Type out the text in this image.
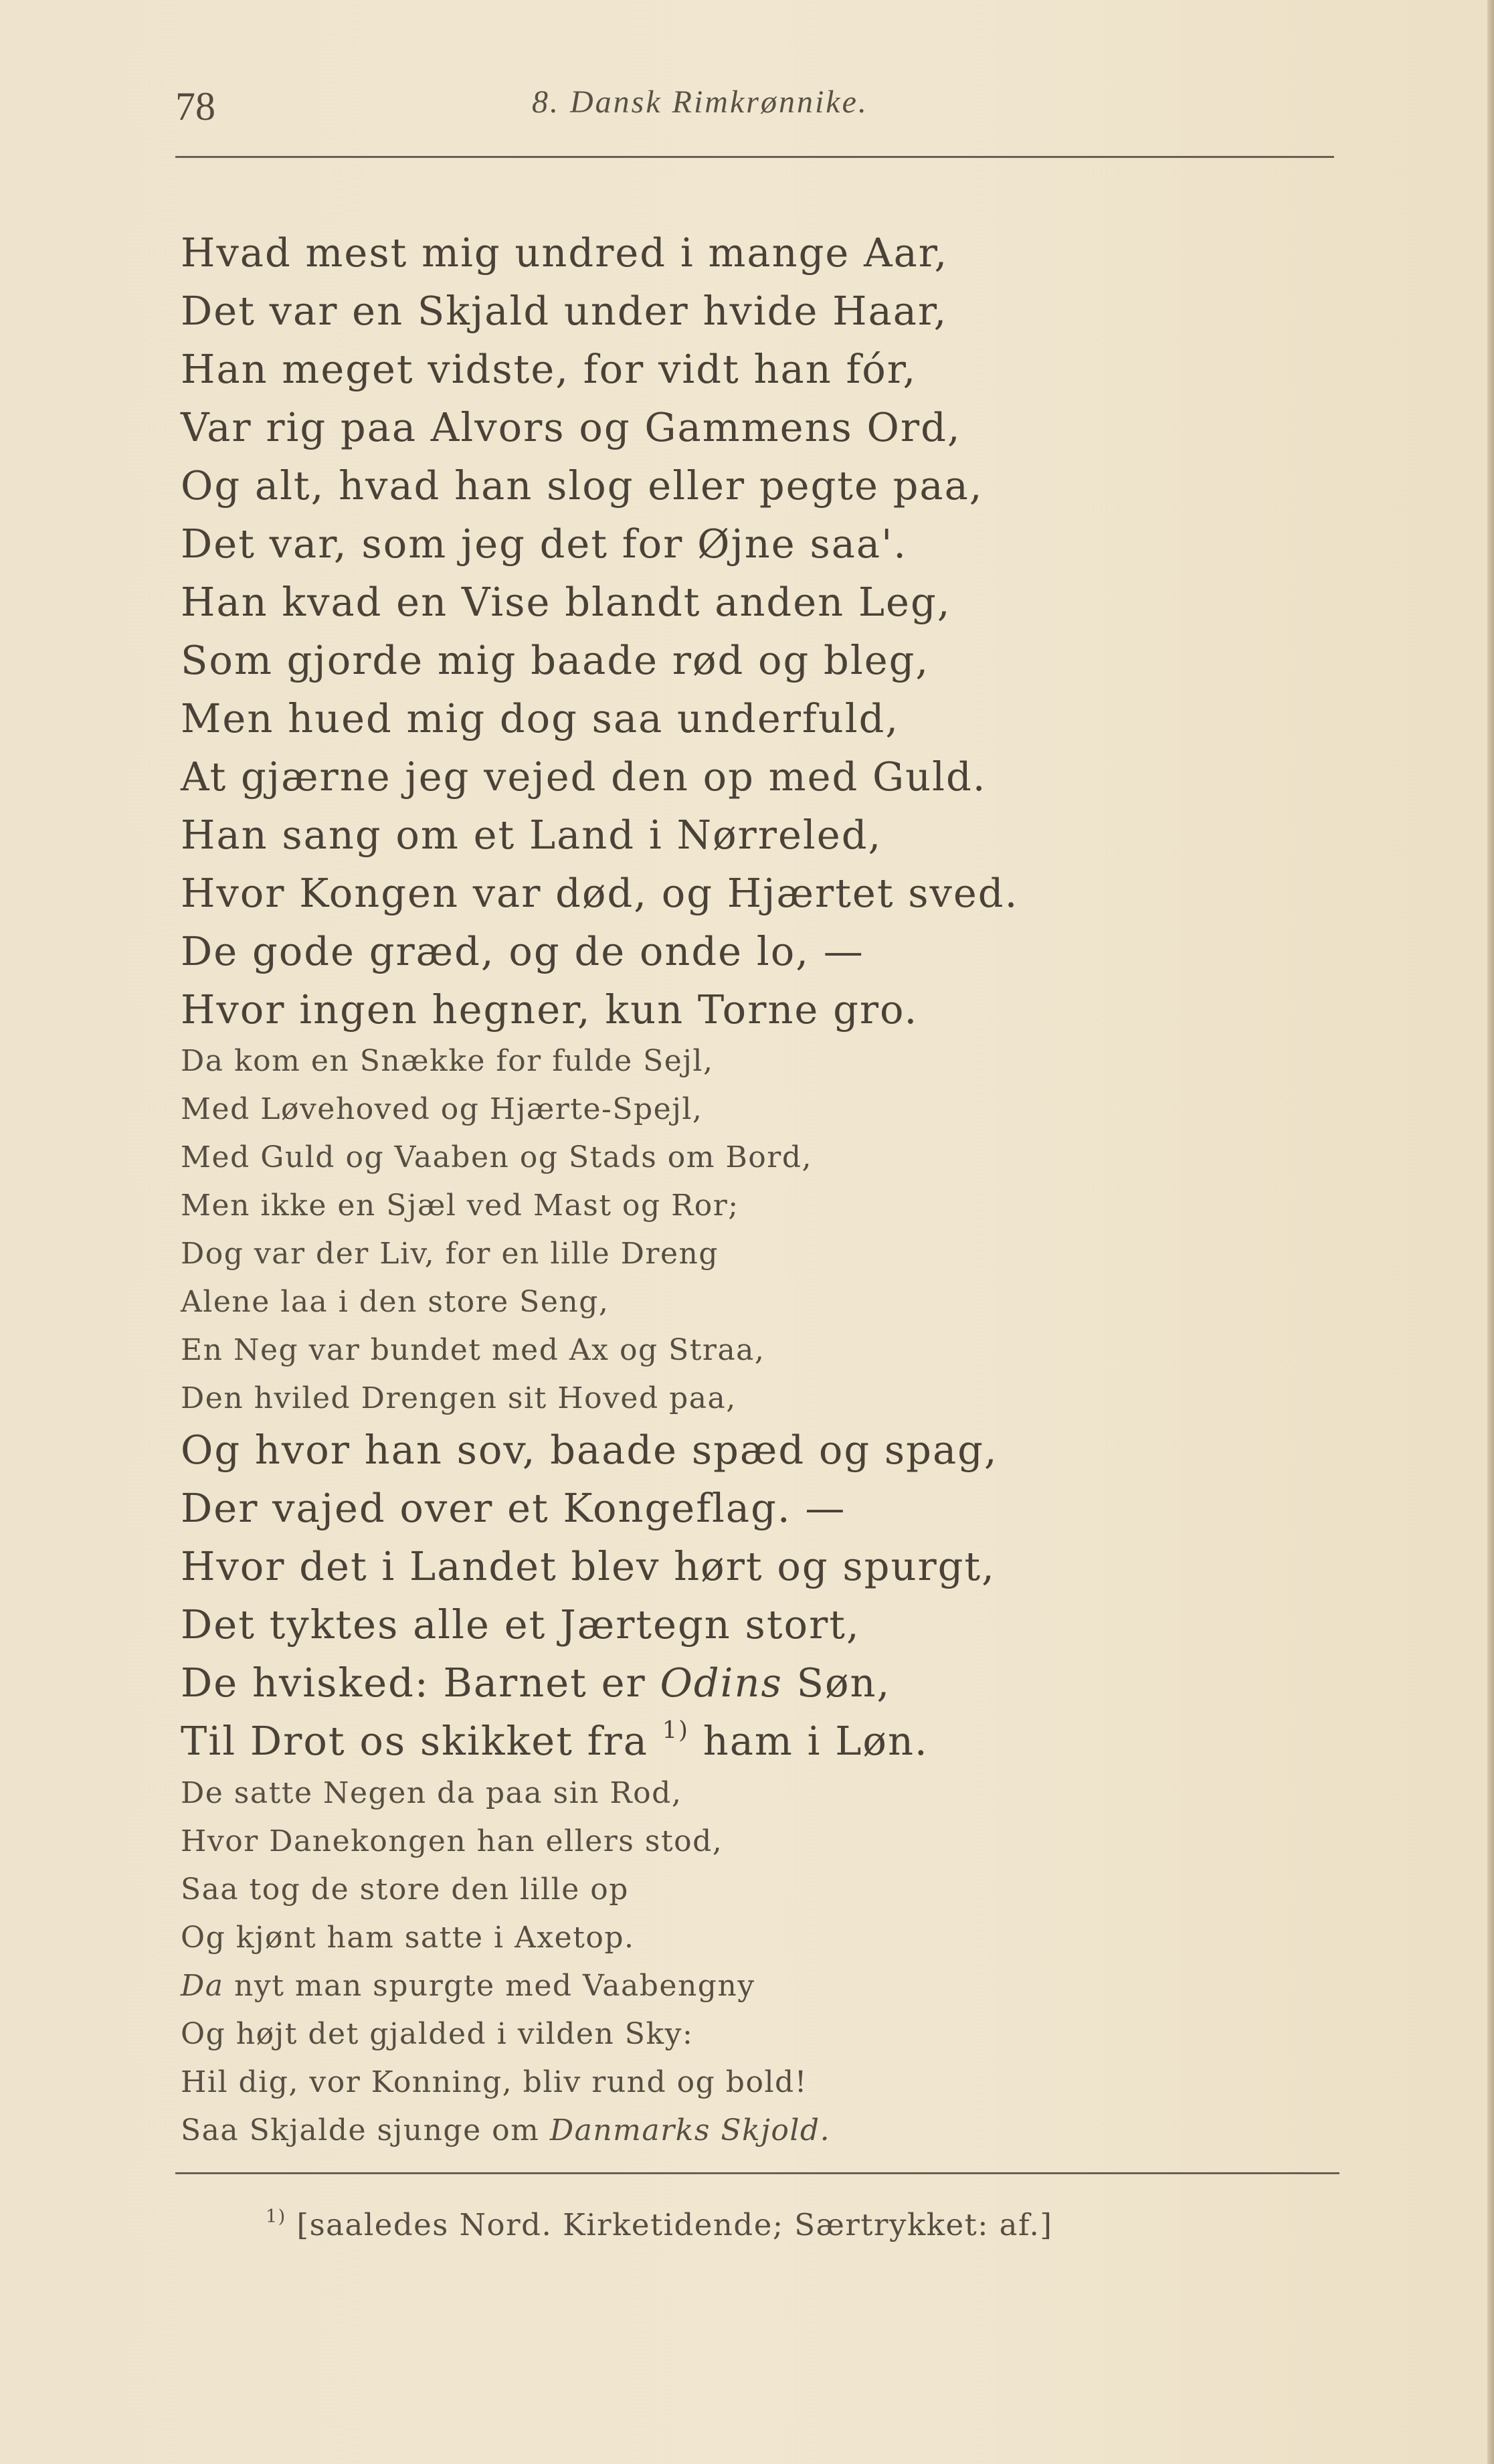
78	8. Dansk Rimkrønnike.
Hvad mest mig undred i mange Aar,
Det var en Skjald under hvide Haar,
Han meget vidste, for vidt han fór,
Var rig paa Alvors og Gammens Ord,
Og alt, hvad han slog eller pegte paa,
Det var, som jeg det for Øjne saa'.
Han kvad en Vise blandt anden Leg,
Som gjorde mig baade rød og bleg,
Men hued mig dog saa underfuld,
At gjærne jeg vejed den op med Guld.
Han sang om et Land i Nørreled,
Hvor Kongen var død, og Hjærtet sved.
De gode græd, og de onde lo, —
Hvor ingen hegner, kun Torne gro.
Da kom en Snække for fulde Sejl,
Med Løvehoved og Hjærte-Spejl,
Med Guld og Vaaben og Stads om Bord,
Men ikke en Sjæl ved Mast og Ror;
Dog var der Liv, for en lille Dreng
Alene laa i den store Seng,
En Neg var bundet med Ax og Straa,
Den hviled Drengen sit Hoved paa,
Og hvor han sov, baade spæd og spag,
Der vajed over et Kongeflag. —
Hvor det i Landet blev hørt og spurgt,
Det tyktes alle et Jærtegn stort,
De hvisked: Barnet er Odins Søn,
Til Drot os skikket fra $^{1)}$ ham i Løn.
De satte Negen da paa sin Rod,
Hvor Danekongen han ellers stod,
Saa tog de store den lille op
Og kjønt ham satte i Axetop.
Da nyt man spurgte med Vaabengny
Og højt det gjalded i vilden Sky:
Hil dig, vor Konning, bliv rund og bold!
Saa Skjalde sjunge om Danmarks Skjold.
$^{1)}$ [saaledes Nord. Kirketidende; Særtrykket: af.]
